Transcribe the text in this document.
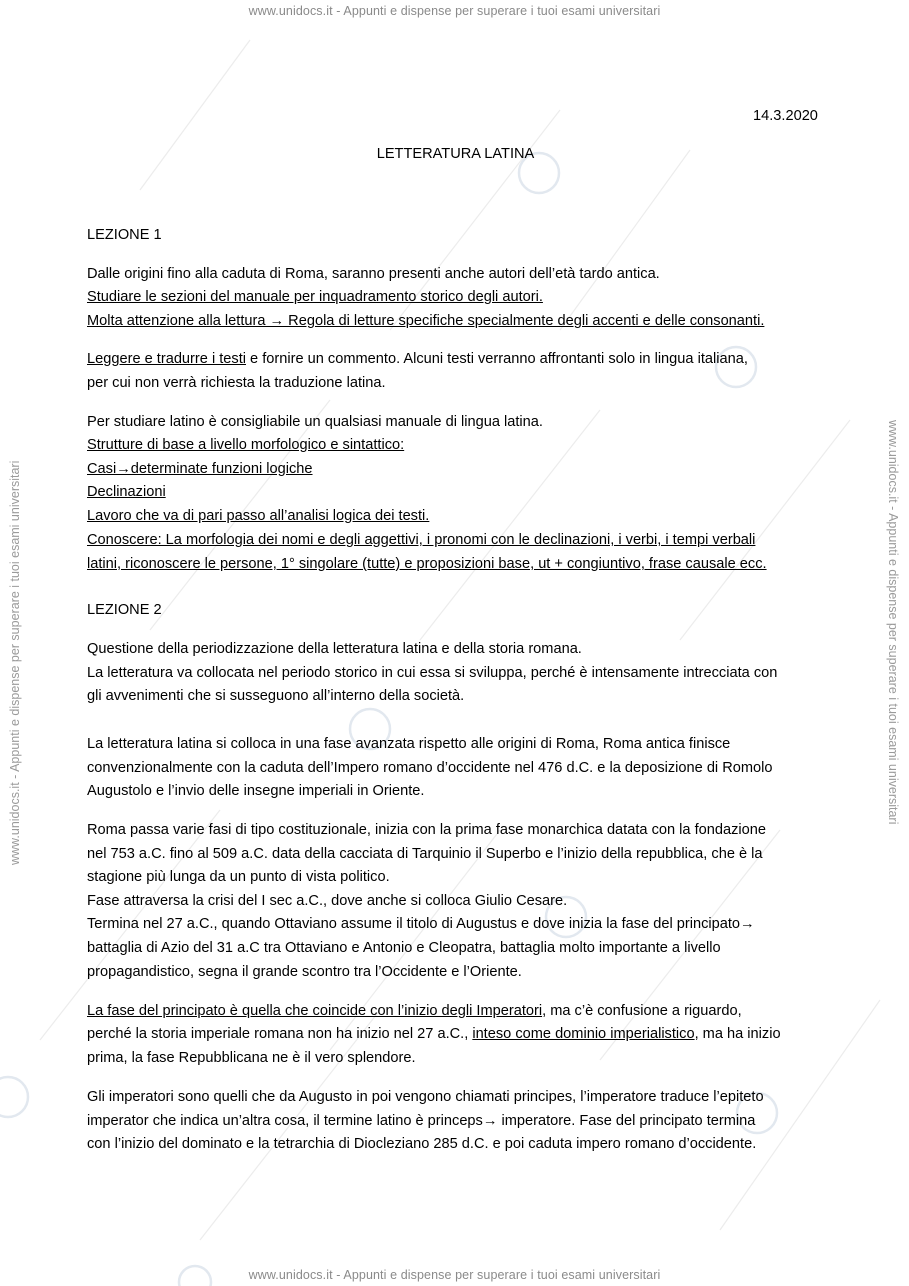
www.unidocs.it - Appunti e dispense per superare i tuoi esami universitari
www.unidocs.it - Appunti e dispense per superare i tuoi esami universitari
www.unidocs.it - Appunti e dispense per superare i tuoi esami universitari	www.unidocs.it - Appunti e dispense per superare i tuoi esami universitari
14.3.2020
LETTERATURA LATINA
LEZIONE 1
Dalle origini fino alla caduta di Roma, saranno presenti anche autori dell’età tardo antica.
Studiare le sezioni del manuale per inquadramento storico degli autori.
Molta attenzione alla lettura → Regola di letture specifiche specialmente degli accenti e delle consonanti.
Leggere e tradurre i testi e fornire un commento. Alcuni testi verranno affrontanti solo in lingua italiana,
per cui non verrà richiesta la traduzione latina.
Per studiare latino è consigliabile un qualsiasi manuale di lingua latina.
Strutture di base a livello morfologico e sintattico:
Casi→determinate funzioni logiche
Declinazioni
Lavoro che va di pari passo all’analisi logica dei testi.
Conoscere: La morfologia dei nomi e degli aggettivi, i pronomi con le declinazioni, i verbi, i tempi verbali
latini, riconoscere le persone, 1° singolare (tutte) e proposizioni base, ut + congiuntivo, frase causale ecc.
LEZIONE 2
Questione della periodizzazione della letteratura latina e della storia romana.
La letteratura va collocata nel periodo storico in cui essa si sviluppa, perché è intensamente intrecciata con
gli avvenimenti che si susseguono all’interno della società.
La letteratura latina si colloca in una fase avanzata rispetto alle origini di Roma, Roma antica finisce
convenzionalmente con la caduta dell’Impero romano d’occidente nel 476 d.C. e la deposizione di Romolo
Augustolo e l’invio delle insegne imperiali in Oriente.
Roma passa varie fasi di tipo costituzionale, inizia con la prima fase monarchica datata con la fondazione
nel 753 a.C. fino al 509 a.C. data della cacciata di Tarquinio il Superbo e l’inizio della repubblica, che è la
stagione più lunga da un punto di vista politico.
Fase attraversa la crisi del I sec a.C., dove anche si colloca Giulio Cesare.
Termina nel 27 a.C., quando Ottaviano assume il titolo di Augustus e dove inizia la fase del principato→
battaglia di Azio del 31 a.C tra Ottaviano e Antonio e Cleopatra, battaglia molto importante a livello
propagandistico, segna il grande scontro tra l’Occidente e l’Oriente.
La fase del principato è quella che coincide con l’inizio degli Imperatori, ma c’è confusione a riguardo,
perché la storia imperiale romana non ha inizio nel 27 a.C., inteso come dominio imperialistico, ma ha inizio
prima, la fase Repubblicana ne è il vero splendore.
Gli imperatori sono quelli che da Augusto in poi vengono chiamati principes, l’imperatore traduce l’epiteto
imperator che indica un’altra cosa, il termine latino è princeps→ imperatore. Fase del principato termina
con l’inizio del dominato e la tetrarchia di Diocleziano 285 d.C. e poi caduta impero romano d’occidente.
